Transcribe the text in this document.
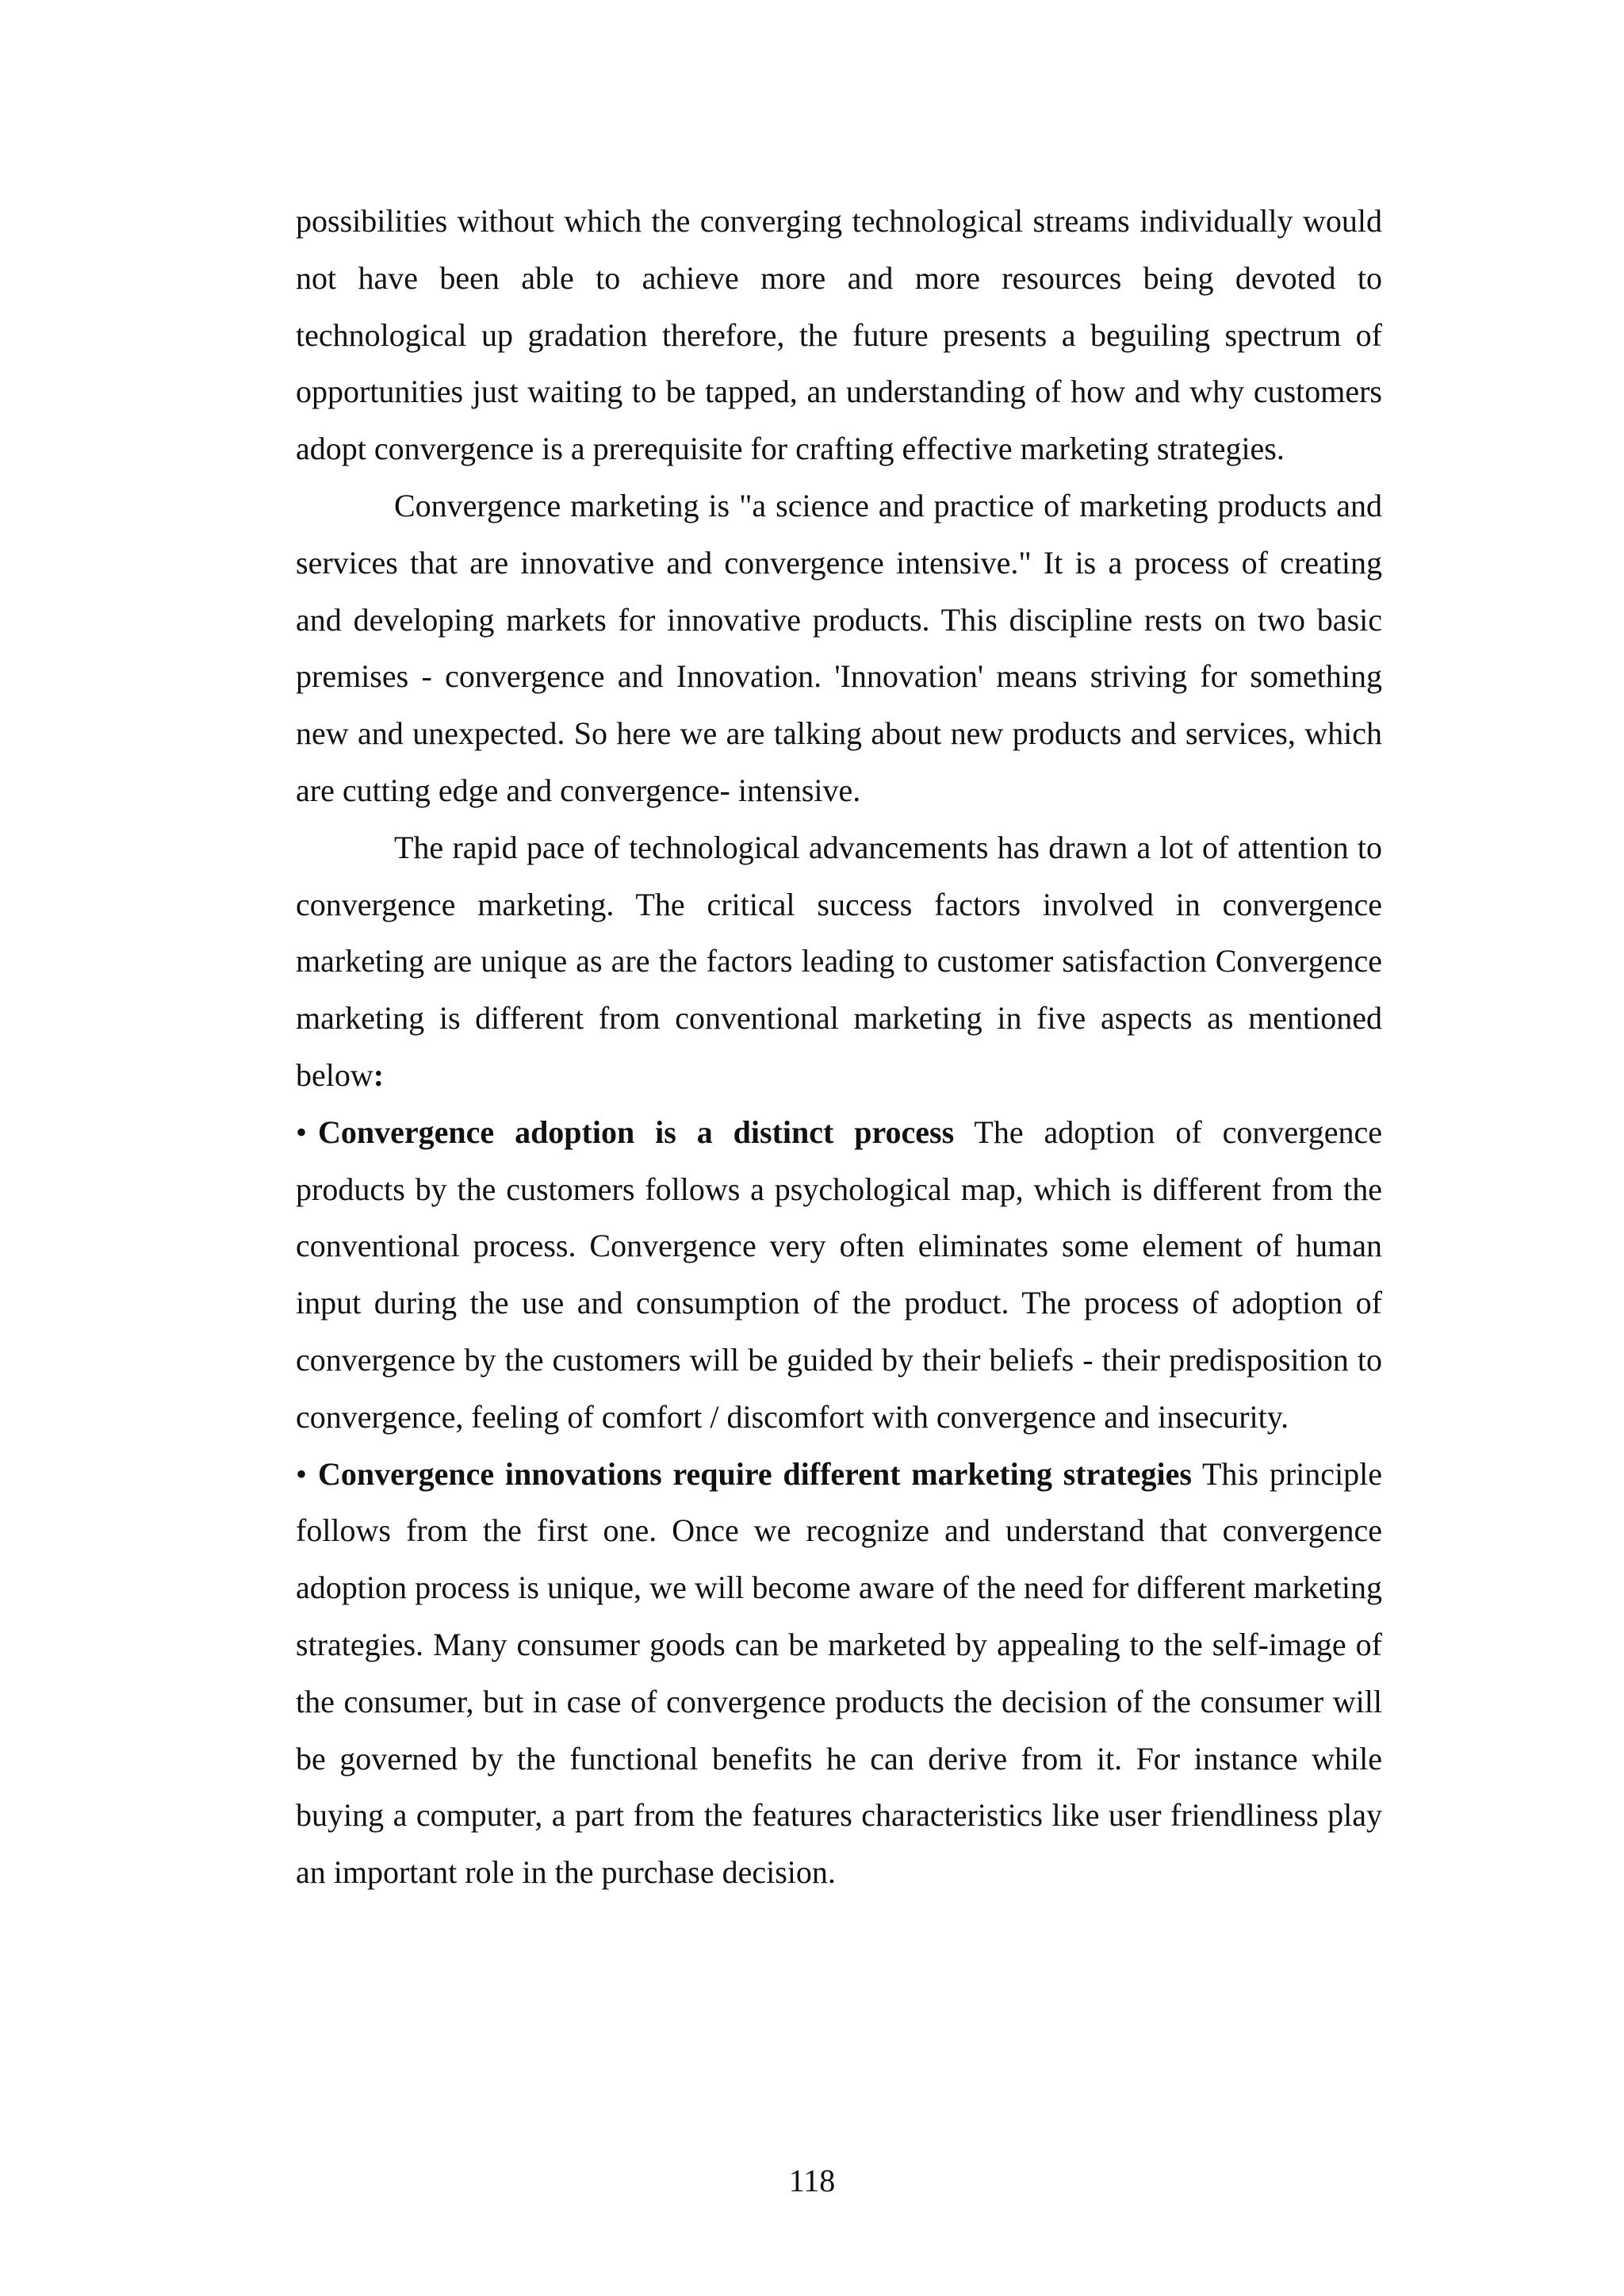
possibilities without which the converging technological streams individually would not have been able to achieve more and more resources being devoted to technological up gradation therefore, the future presents a beguiling spectrum of opportunities just waiting to be tapped, an understanding of how and why customers adopt convergence is a prerequisite for crafting effective marketing strategies.

Convergence marketing is "a science and practice of marketing products and services that are innovative and convergence intensive." It is a process of creating and developing markets for innovative products. This discipline rests on two basic premises - convergence and Innovation. 'Innovation' means striving for something new and unexpected. So here we are talking about new products and services, which are cutting edge and convergence- intensive.

The rapid pace of technological advancements has drawn a lot of attention to convergence marketing. The critical success factors involved in convergence marketing are unique as are the factors leading to customer satisfaction Convergence marketing is different from conventional marketing in five aspects as mentioned below:

• Convergence adoption is a distinct process The adoption of convergence products by the customers follows a psychological map, which is different from the conventional process. Convergence very often eliminates some element of human input during the use and consumption of the product. The process of adoption of convergence by the customers will be guided by their beliefs - their predisposition to convergence, feeling of comfort / discomfort with convergence and insecurity.

• Convergence innovations require different marketing strategies This principle follows from the first one. Once we recognize and understand that convergence adoption process is unique, we will become aware of the need for different marketing strategies. Many consumer goods can be marketed by appealing to the self-image of the consumer, but in case of convergence products the decision of the consumer will be governed by the functional benefits he can derive from it. For instance while buying a computer, a part from the features characteristics like user friendliness play an important role in the purchase decision.

118
